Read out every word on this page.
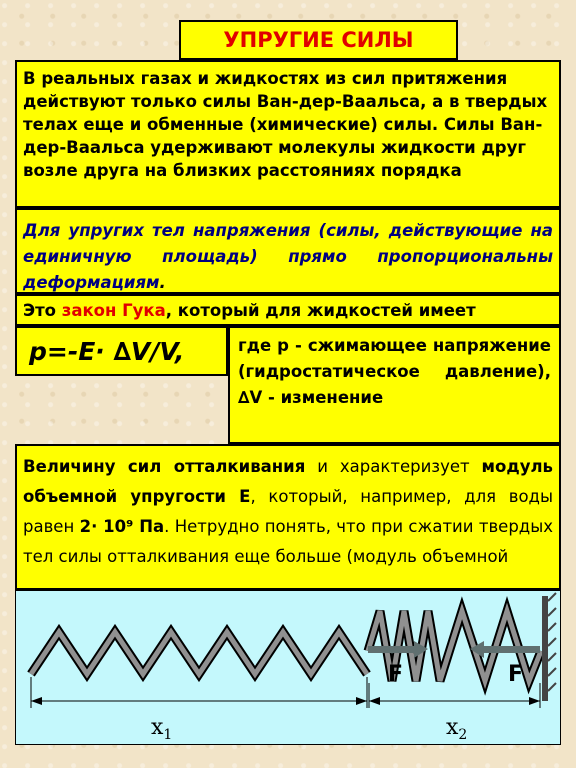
УПРУГИЕ СИЛЫ
В реальных газах и жидкостях из сил притяжения действуют только силы Ван-дер-Ваальса, а в твердых телах еще и обменные (химические) силы. Силы Ван-дер-Ваальса удерживают молекулы жидкости друг возле друга на близких расстояниях порядка
Для упругих тел напряжения (силы, действующие на единичную площадь) прямо пропорциональны деформациям.
Это закон Гука, который для жидкостей имеет
p=-E· ∆V/V,	где p - сжимающее напряжение (гидростатическое давление), ∆V - изменение
Величину сил отталкивания и характеризует модуль объемной упругости E, который, например, для воды равен 2· 10⁹ Па. Нетрудно понять, что при сжатии твердых тел силы отталкивания еще больше (модуль объемной
$x_1$
F	F
$x_2$
